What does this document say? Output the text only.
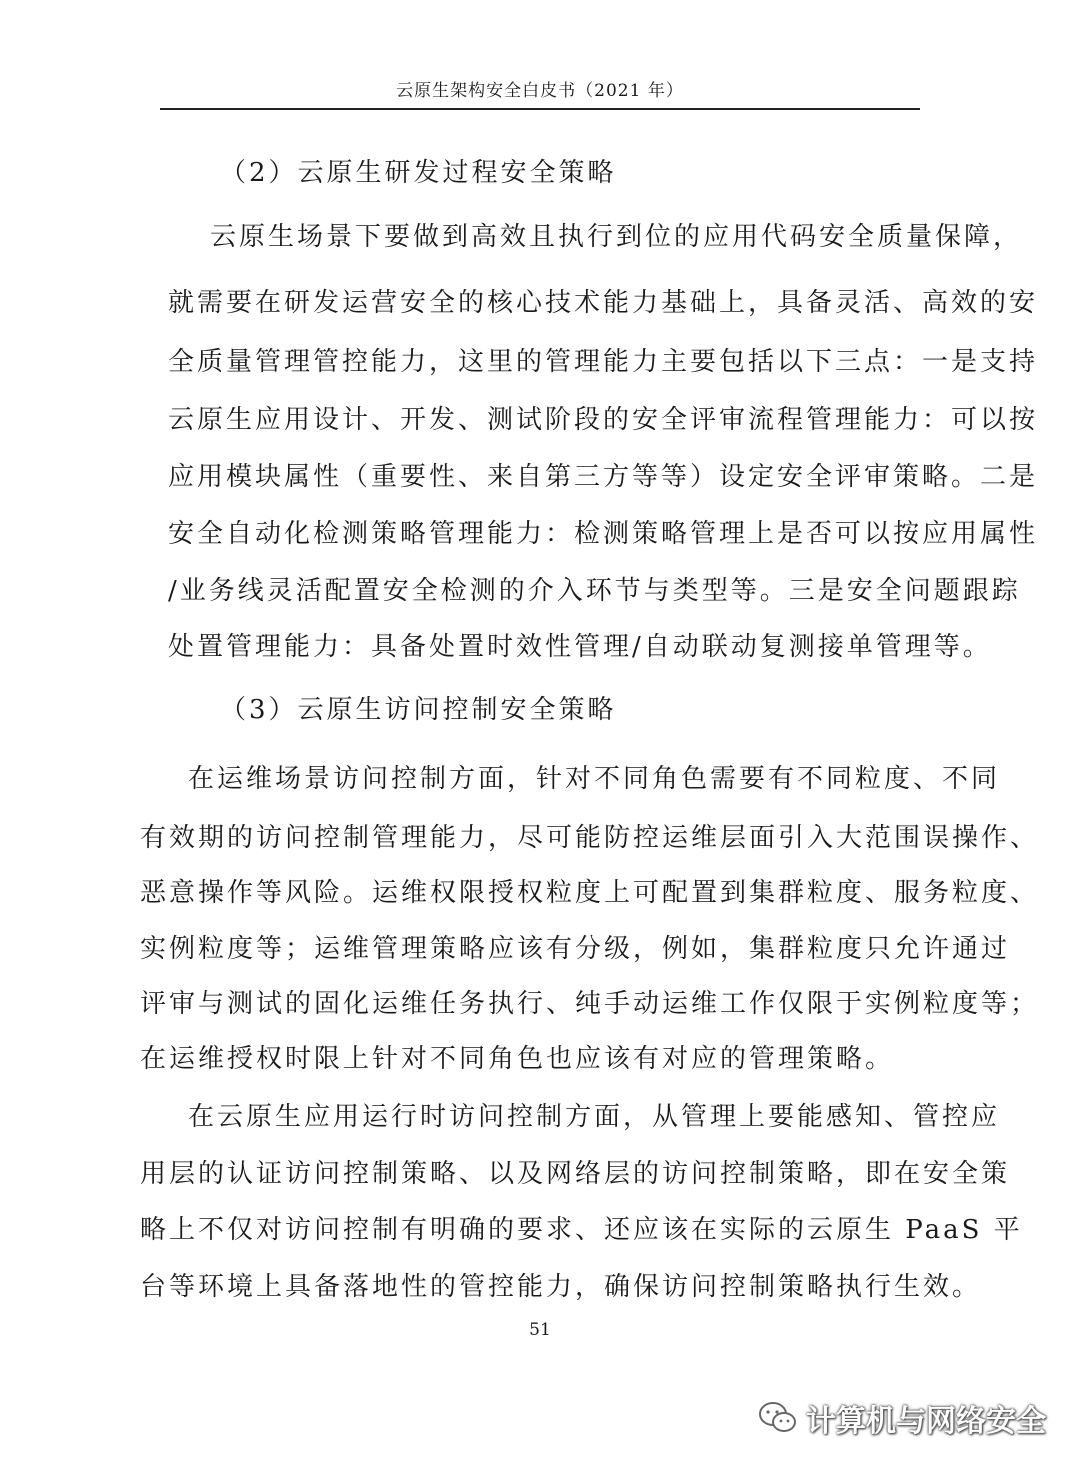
云原生架构安全白皮书（2021 年）
（2）云原生研发过程安全策略
云原生场景下要做到高效且执行到位的应用代码安全质量保障，
就需要在研发运营安全的核心技术能力基础上，具备灵活、高效的安
全质量管理管控能力，这里的管理能力主要包括以下三点：一是支持
云原生应用设计、开发、测试阶段的安全评审流程管理能力：可以按
应用模块属性（重要性、来自第三方等等）设定安全评审策略。二是
安全自动化检测策略管理能力：检测策略管理上是否可以按应用属性
/业务线灵活配置安全检测的介入环节与类型等。三是安全问题跟踪
处置管理能力：具备处置时效性管理/自动联动复测接单管理等。
（3）云原生访问控制安全策略
在运维场景访问控制方面，针对不同角色需要有不同粒度、不同
有效期的访问控制管理能力，尽可能防控运维层面引入大范围误操作、
恶意操作等风险。运维权限授权粒度上可配置到集群粒度、服务粒度、
实例粒度等；运维管理策略应该有分级，例如，集群粒度只允许通过
评审与测试的固化运维任务执行、纯手动运维工作仅限于实例粒度等；
在运维授权时限上针对不同角色也应该有对应的管理策略。
在云原生应用运行时访问控制方面，从管理上要能感知、管控应
用层的认证访问控制策略、以及网络层的访问控制策略，即在安全策
略上不仅对访问控制有明确的要求、还应该在实际的云原生 PaaS 平
台等环境上具备落地性的管控能力，确保访问控制策略执行生效。
51
计算机与网络安全
